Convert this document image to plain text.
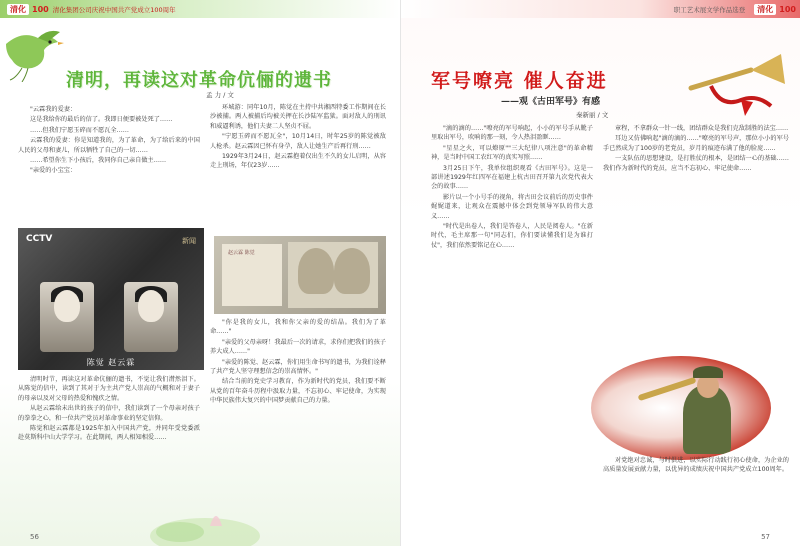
清化 100 清化集团公司庆祝中国共产党成立100周年
清明，再读这对革命伉俪的遗书
孟 力 / 文

"云霖我的爱妻：

这是我给你的最后的信了。我即日便要被处死了……

……但我们宁愿玉碎而不愿瓦全……

云霖我的爱妻：你是知道我的，为了革命，为了给后来的中国人民的父母和妻儿，所以牺牲了自己的一切……

……希望你生下小孩后，我同你自己亲自做主……

"亲爱的小宝宝：

环城游：同年10月，陈觉在主持中共湘西特委工作期间在长沙被捕。两人被捕后均被关押在长沙陆军监狱。面对敌人的刑讯和威逼利诱，他们夫妻二人坚贞不屈。

"宁愿玉碎而不愿瓦全"，10月14日，时年25岁的陈觉被敌人枪杀。赵云霖因已怀有身孕，敌人让她生产后再行刑……

1929年3月24日，赵云霖抱着仅出生不久的女儿启明，从容走上刑场，年仅23岁……

CCTV	新闻
陈觉 赵云霖
赵云霖 陈觉

清明时节，再读这对革命伉俪的遗书，不觉让我们潸然泪下。从陈觉的信中，读到了其对于为主共产党人崇高的气概和对于妻子的母亲以及对父母的热爱和愧疚之情。

从赵云霖给未出世的孩子的信中，我们读到了一个母亲对孩子的拳拳之心，和一位共产党员对革命事业的坚定信仰。

陈觉和赵云霖都是1925年加入中国共产党，并同年受党委派赴莫斯科中山大学学习。在此期间，两人相知相爱……

"你是我的女儿，我和你父亲的爱的结晶。我们为了革命……"

"亲爱的父母亲呀！我最后一次的请求，求你们把我们的孩子养大成人……"

"亲爱的陈觉、赵云霖，你们用生命书写的遗书，为我们诠释了共产党人坚守理想信念的崇高情怀。"

结合当前的党史学习教育，作为新时代的党员，我们要不断从党的百年奋斗历程中汲取力量，不忘初心、牢记使命，为实现中华民族伟大复兴的中国梦贡献自己的力量。

56
职工艺术展文学作品选登	清化 100
军号嘹亮 催人奋进
——观《古田军号》有感
秦新丽 / 文

"滴的滴的……"嘹亮的军号响起，小小的军号手从靴子里取出军号，吹响的那一刻，令人热泪盈眶……

"星星之火，可以燎原""三大纪律八项注意"的革命精神，是当时中国工农红军的真实写照……

3月25日下午，我单位组织观看《古田军号》。这是一部讲述1929年红四军在福建上杭古田召开第九次党代表大会的故事……

影片以一个小号手的视角，将古田会议前后的历史事件娓娓道来，让观众在震撼中体会到党领导军队的伟大意义……

"时代是出卷人，我们是答卷人，人民是阅卷人。"在新时代，毛主席那一句"同志们，你们要读懂我们是为谁打仗"，我们依然要铭记在心……

章程，不拿群众一针一线，团结群众是我们克敌制胜的法宝……

耳边又仿佛响起"滴的滴的……"嘹亮的军号声，那位小小的军号手已然成为了100岁的老党员，岁月的痕迹布满了他的脸庞……

一支队伍的思想建设，是打胜仗的根本，是团结一心的基础……我们作为新时代的党员，应当不忘初心、牢记使命……

对党绝对忠诚，与时俱进，以实际行动践行初心使命，为企业的高质量发展贡献力量，以优异的成绩庆祝中国共产党成立100周年。

57
